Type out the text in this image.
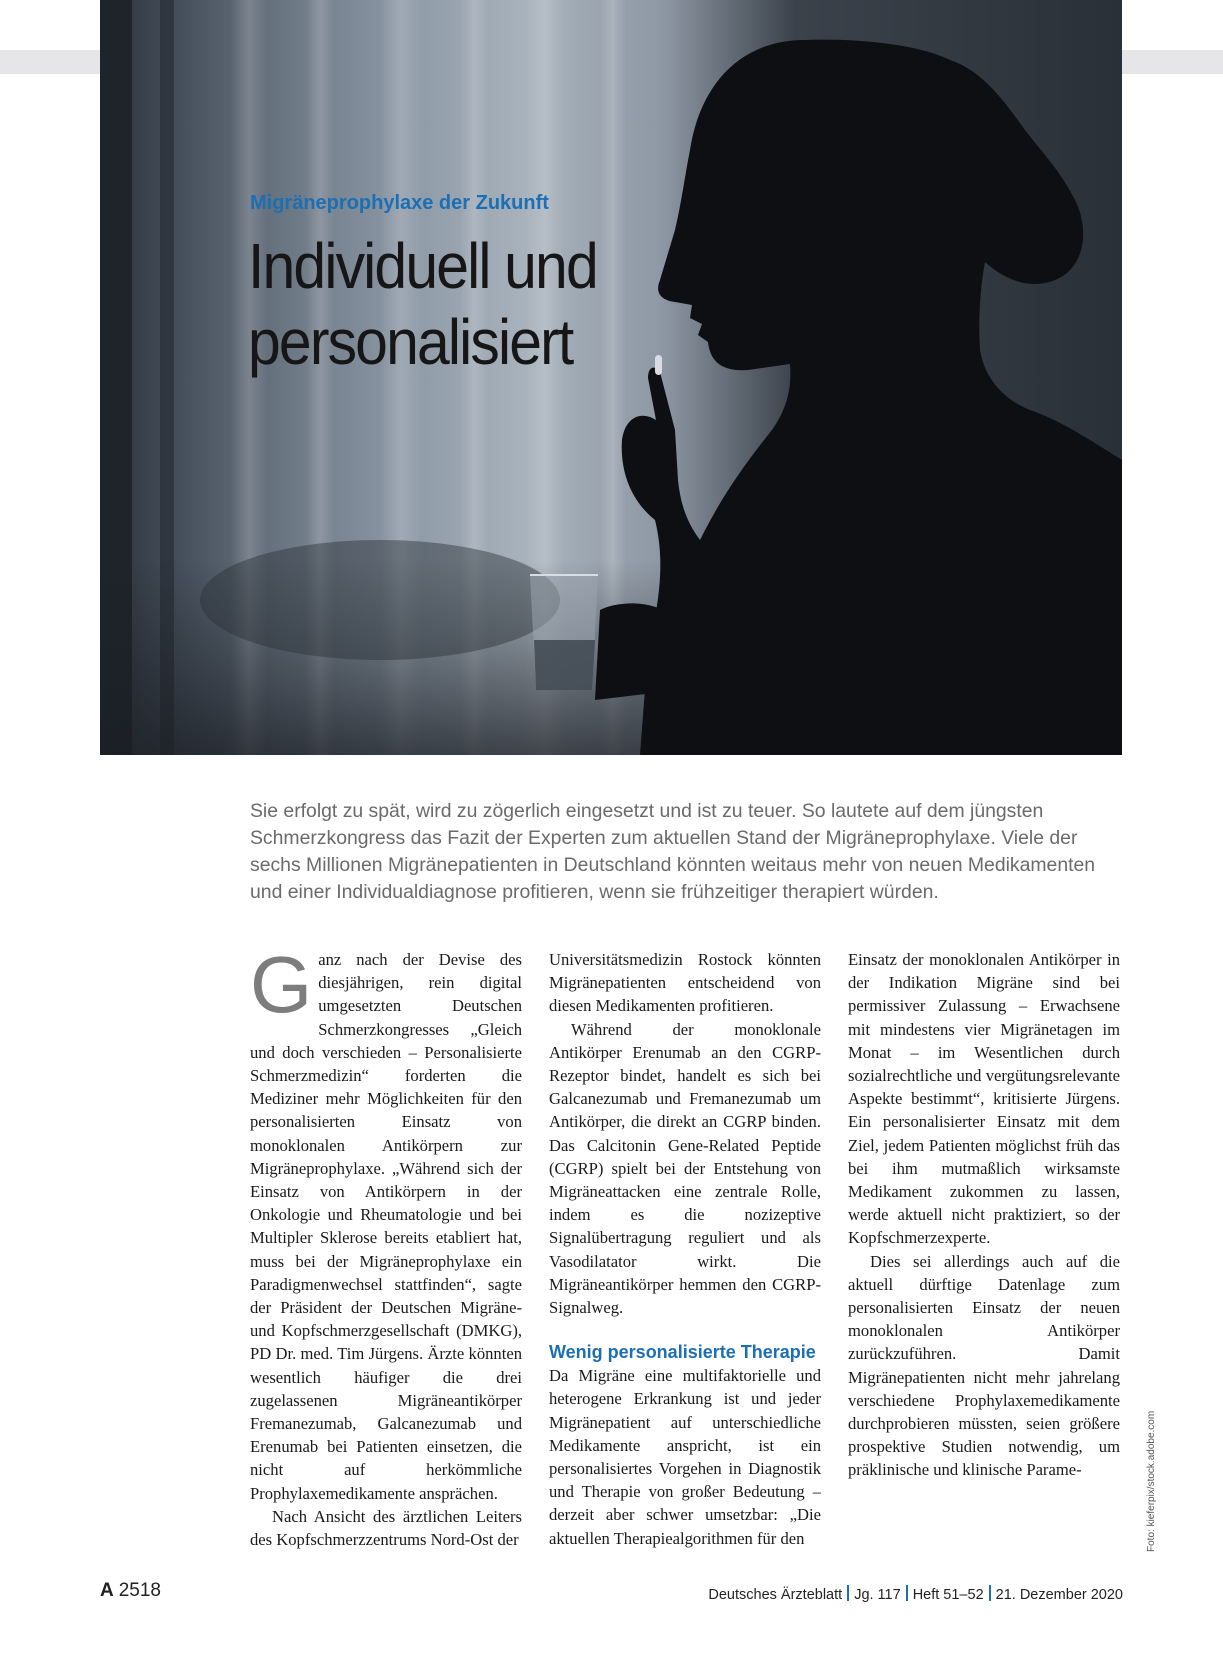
Migräneprophylaxe der Zukunft
Individuell und personalisiert

Sie erfolgt zu spät, wird zu zögerlich eingesetzt und ist zu teuer. So lautete auf dem jüngsten Schmerzkongress das Fazit der Experten zum aktuellen Stand der Migräneprophylaxe. Viele der sechs Millionen Migränepatienten in Deutschland könnten weitaus mehr von neuen Medikamenten und einer Individualdiagnose profitieren, wenn sie frühzeitiger therapiert würden.

Ganz nach der Devise des diesjährigen, rein digital umgesetzten Deutschen Schmerzkongresses „Gleich und doch verschieden – Personalisierte Schmerzmedizin“ forderten die Mediziner mehr Möglichkeiten für den personalisierten Einsatz von monoklonalen Antikörpern zur Migräneprophylaxe. „Während sich der Einsatz von Antikörpern in der Onkologie und Rheumatologie und bei Multipler Sklerose bereits etabliert hat, muss bei der Migräneprophylaxe ein Paradigmenwechsel stattfinden“, sagte der Präsident der Deutschen Migräne- und Kopfschmerzgesellschaft (DMKG), PD Dr. med. Tim Jürgens. Ärzte könnten wesentlich häufiger die drei zugelassenen Migräneantikörper Fremanezumab, Galcanezumab und Erenumab bei Patienten einsetzen, die nicht auf herkömmliche Prophylaxemedikamente ansprächen.

Nach Ansicht des ärztlichen Leiters des Kopfschmerzzentrums Nord-Ost der

Universitätsmedizin Rostock könnten Migränepatienten entscheidend von diesen Medikamenten profitieren.

Während der monoklonale Antikörper Erenumab an den CGRP-Rezeptor bindet, handelt es sich bei Galcanezumab und Fremanezumab um Antikörper, die direkt an CGRP binden. Das Calcitonin Gene-Related Peptide (CGRP) spielt bei der Entstehung von Migräneattacken eine zentrale Rolle, indem es die nozizeptive Signalübertragung reguliert und als Vasodilatator wirkt. Die Migräneantikörper hemmen den CGRP-Signalweg.

Wenig personalisierte Therapie

Da Migräne eine multifaktorielle und heterogene Erkrankung ist und jeder Migränepatient auf unterschiedliche Medikamente anspricht, ist ein personalisiertes Vorgehen in Diagnostik und Therapie von großer Bedeutung – derzeit aber schwer umsetzbar: „Die aktuellen Therapiealgorithmen für den

Einsatz der monoklonalen Antikörper in der Indikation Migräne sind bei permissiver Zulassung – Erwachsene mit mindestens vier Migränetagen im Monat – im Wesentlichen durch sozialrechtliche und vergütungsrelevante Aspekte bestimmt“, kritisierte Jürgens. Ein personalisierter Einsatz mit dem Ziel, jedem Patienten möglichst früh das bei ihm mutmaßlich wirksamste Medikament zukommen zu lassen, werde aktuell nicht praktiziert, so der Kopfschmerzexperte.

Dies sei allerdings auch auf die aktuell dürftige Datenlage zum personalisierten Einsatz der neuen monoklonalen Antikörper zurückzuführen. Damit Migränepatienten nicht mehr jahrelang verschiedene Prophylaxemedikamente durchprobieren müssten, seien größere prospektive Studien notwendig, um präklinische und klinische Parame-	Foto: kieferpix/stock.adobe.com

A 2518	Deutsches Ärzteblatt Jg. 117 Heft 51–52 21. Dezember 2020
